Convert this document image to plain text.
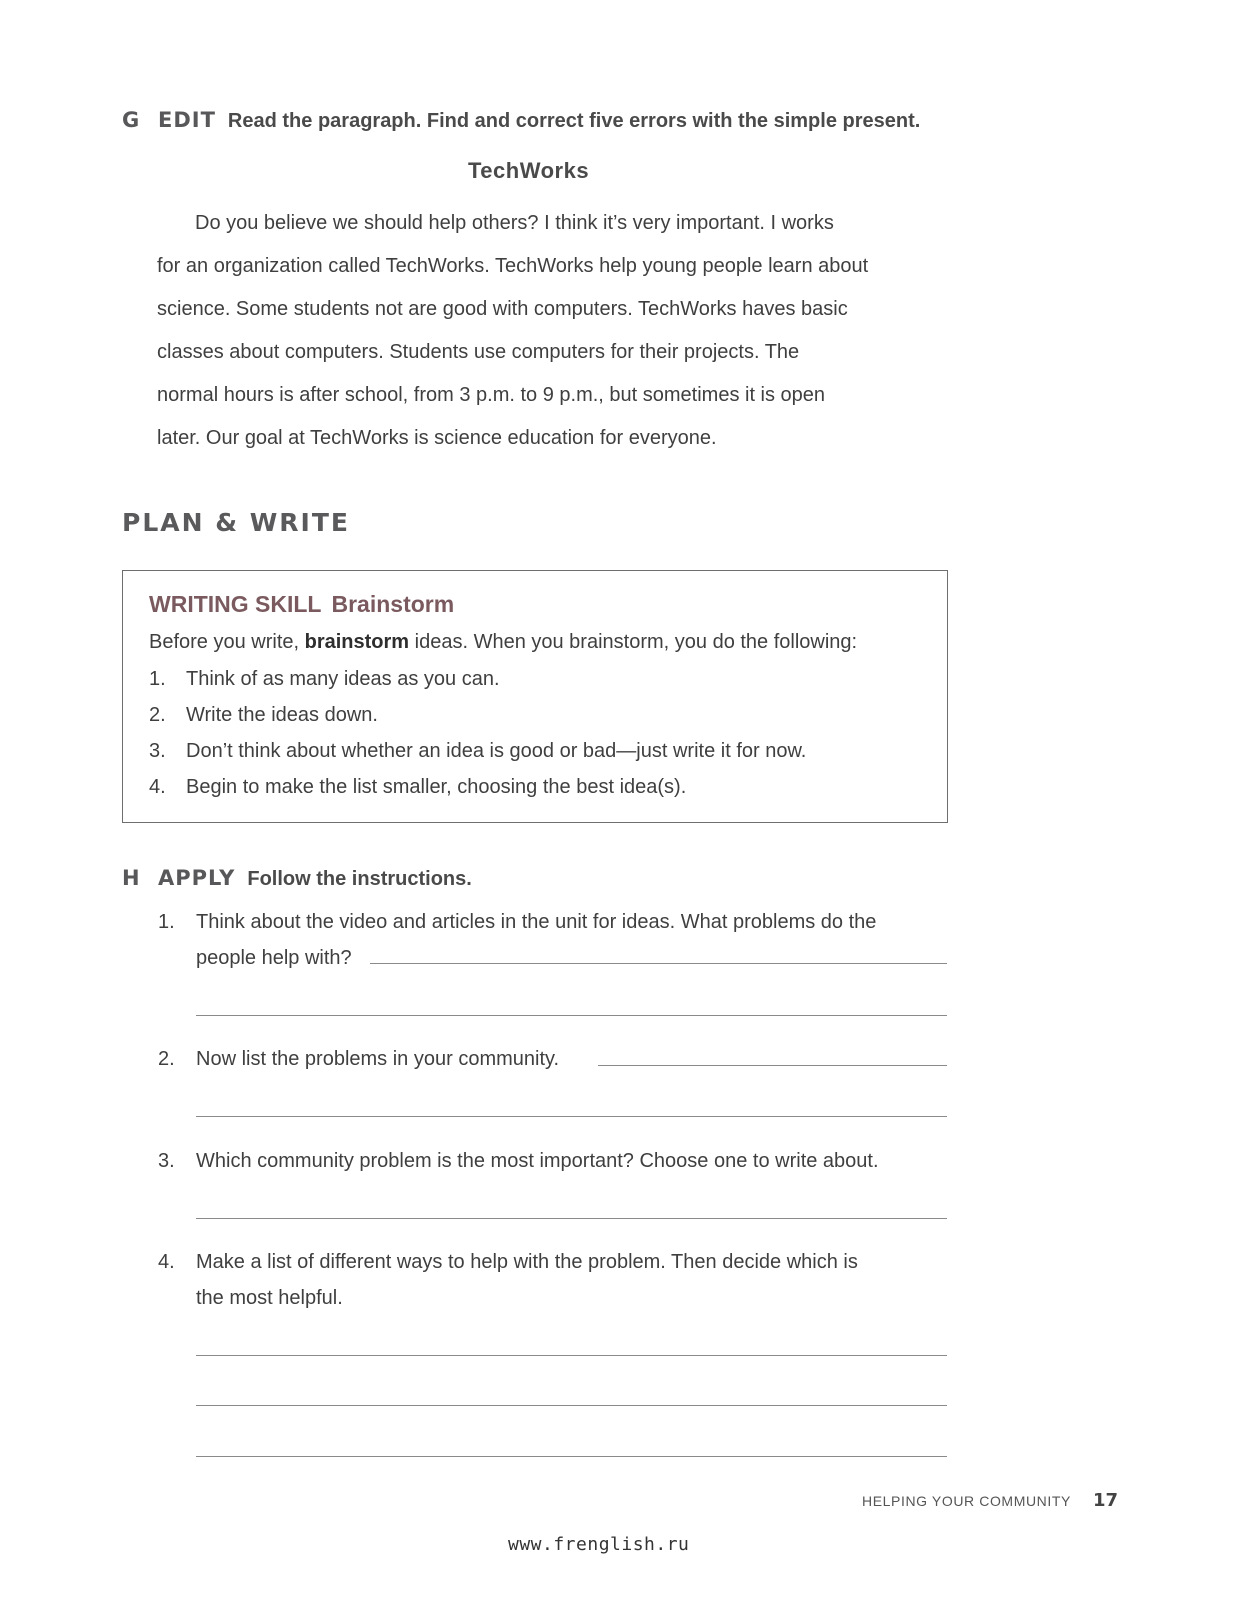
G EDIT Read the paragraph. Find and correct five errors with the simple present.
TechWorks
Do you believe we should help others? I think it’s very important. I works
for an organization called TechWorks. TechWorks help young people learn about
science. Some students not are good with computers. TechWorks haves basic
classes about computers. Students use computers for their projects. The
normal hours is after school, from 3 p.m. to 9 p.m., but sometimes it is open
later. Our goal at TechWorks is science education for everyone.
PLAN & WRITE
WRITING SKILL Brainstorm
Before you write, brainstorm ideas. When you brainstorm, you do the following:
1.	Think of as many ideas as you can.
2.	Write the ideas down.
3.	Don’t think about whether an idea is good or bad—just write it for now.
4.	Begin to make the list smaller, choosing the best idea(s).
H APPLY Follow the instructions.
1. Think about the video and articles in the unit for ideas. What problems do the
people help with?
2. Now list the problems in your community.
3. Which community problem is the most important? Choose one to write about.
4. Make a list of different ways to help with the problem. Then decide which is
the most helpful.
HELPING YOUR COMMUNITY 17
www.frenglish.ru
